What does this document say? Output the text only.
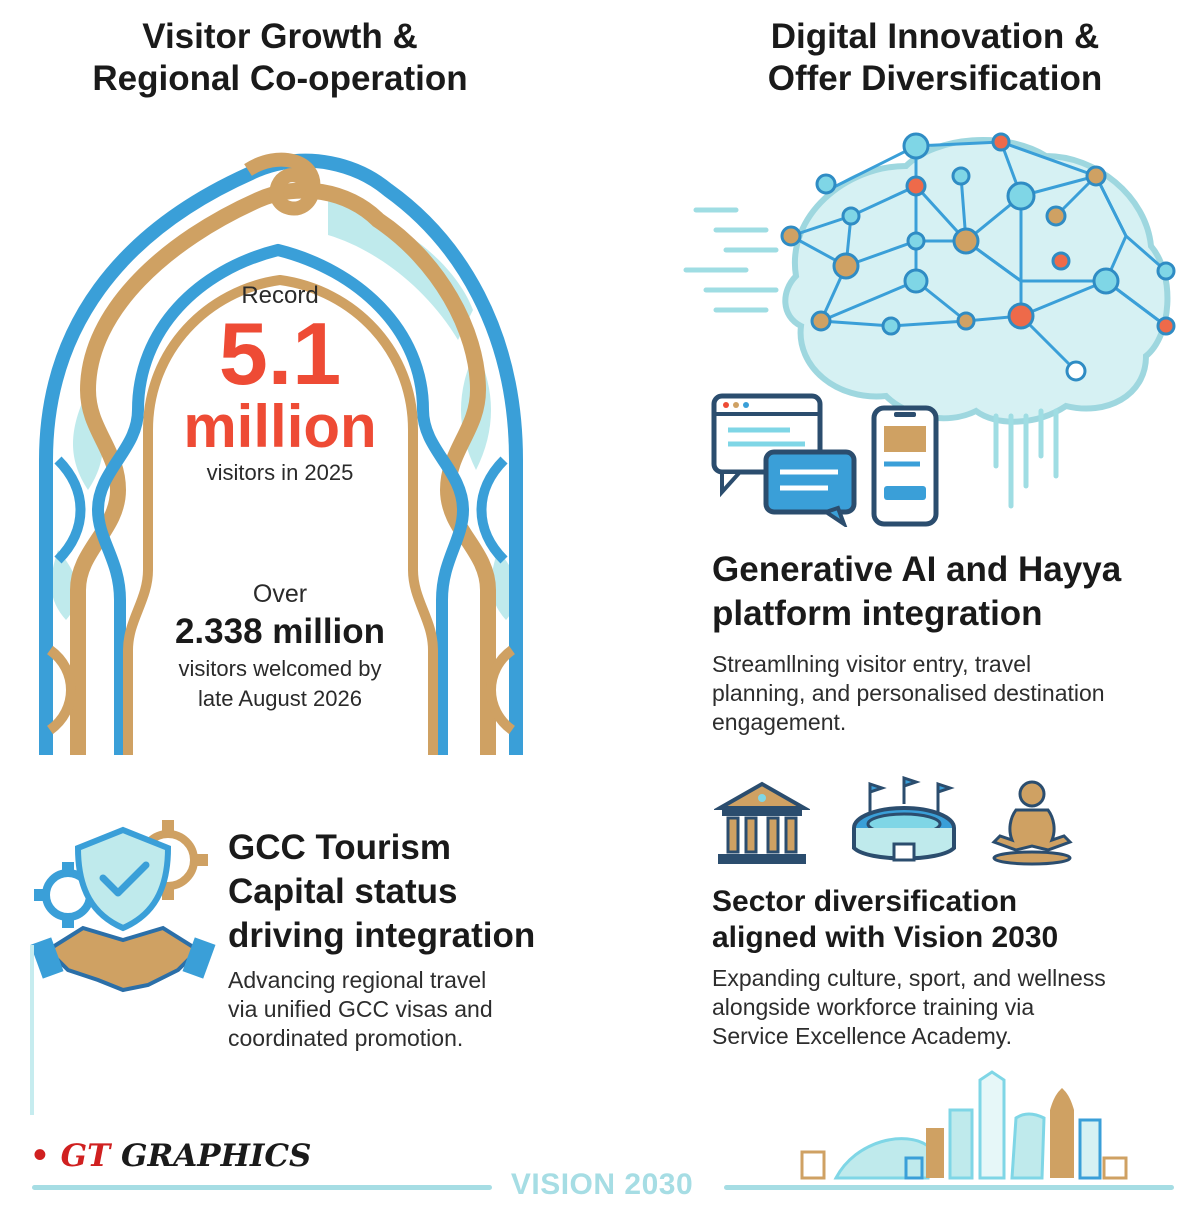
Visitor Growth &

Regional Co-operation

Record
5.1
million
visitors in 2025
Over
2.338 million
visitors welcomed by
late August 2026

GCC Tourism

Capital status

driving integration

Advancing regional travel

via unified GCC visas and

coordinated promotion.

Digital Innovation &

Offer Diversification

Generative AI and Hayya

platform integration

Streamllning visitor entry, travel

planning, and personalised destination

engagement.

Sector diversification

aligned with Vision 2030

Expanding culture, sport, and wellness

alongside workforce training via

Service Excellence Academy.

VISION 2030
• GT GRAPHICS
